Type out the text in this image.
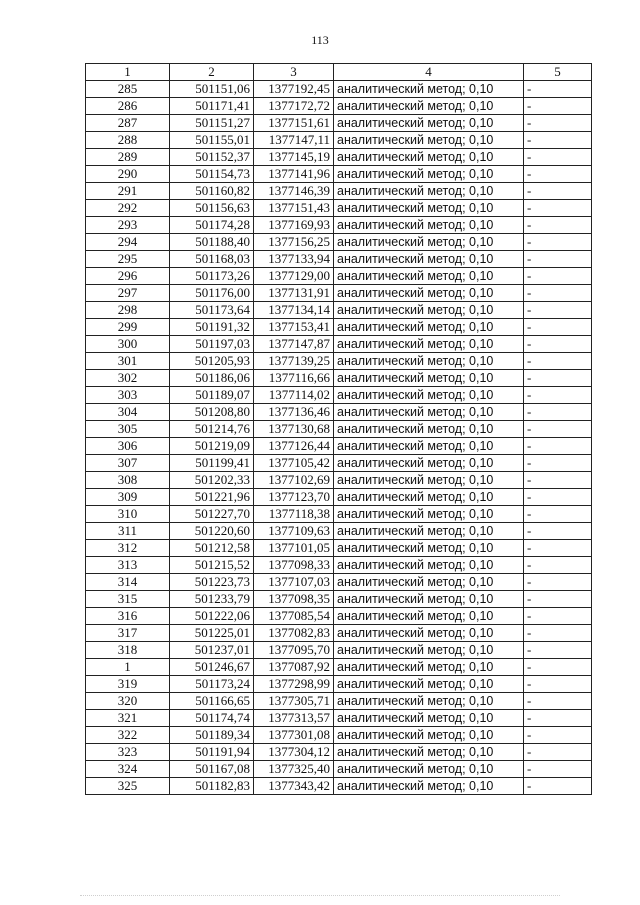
113
1	2	3	4	5
285	501151,06	1377192,45	аналитический метод; 0,10	-
286	501171,41	1377172,72	аналитический метод; 0,10	-
287	501151,27	1377151,61	аналитический метод; 0,10	-
288	501155,01	1377147,11	аналитический метод; 0,10	-
289	501152,37	1377145,19	аналитический метод; 0,10	-
290	501154,73	1377141,96	аналитический метод; 0,10	-
291	501160,82	1377146,39	аналитический метод; 0,10	-
292	501156,63	1377151,43	аналитический метод; 0,10	-
293	501174,28	1377169,93	аналитический метод; 0,10	-
294	501188,40	1377156,25	аналитический метод; 0,10	-
295	501168,03	1377133,94	аналитический метод; 0,10	-
296	501173,26	1377129,00	аналитический метод; 0,10	-
297	501176,00	1377131,91	аналитический метод; 0,10	-
298	501173,64	1377134,14	аналитический метод; 0,10	-
299	501191,32	1377153,41	аналитический метод; 0,10	-
300	501197,03	1377147,87	аналитический метод; 0,10	-
301	501205,93	1377139,25	аналитический метод; 0,10	-
302	501186,06	1377116,66	аналитический метод; 0,10	-
303	501189,07	1377114,02	аналитический метод; 0,10	-
304	501208,80	1377136,46	аналитический метод; 0,10	-
305	501214,76	1377130,68	аналитический метод; 0,10	-
306	501219,09	1377126,44	аналитический метод; 0,10	-
307	501199,41	1377105,42	аналитический метод; 0,10	-
308	501202,33	1377102,69	аналитический метод; 0,10	-
309	501221,96	1377123,70	аналитический метод; 0,10	-
310	501227,70	1377118,38	аналитический метод; 0,10	-
311	501220,60	1377109,63	аналитический метод; 0,10	-
312	501212,58	1377101,05	аналитический метод; 0,10	-
313	501215,52	1377098,33	аналитический метод; 0,10	-
314	501223,73	1377107,03	аналитический метод; 0,10	-
315	501233,79	1377098,35	аналитический метод; 0,10	-
316	501222,06	1377085,54	аналитический метод; 0,10	-
317	501225,01	1377082,83	аналитический метод; 0,10	-
318	501237,01	1377095,70	аналитический метод; 0,10	-
1	501246,67	1377087,92	аналитический метод; 0,10	-
319	501173,24	1377298,99	аналитический метод; 0,10	-
320	501166,65	1377305,71	аналитический метод; 0,10	-
321	501174,74	1377313,57	аналитический метод; 0,10	-
322	501189,34	1377301,08	аналитический метод; 0,10	-
323	501191,94	1377304,12	аналитический метод; 0,10	-
324	501167,08	1377325,40	аналитический метод; 0,10	-
325	501182,83	1377343,42	аналитический метод; 0,10	-
